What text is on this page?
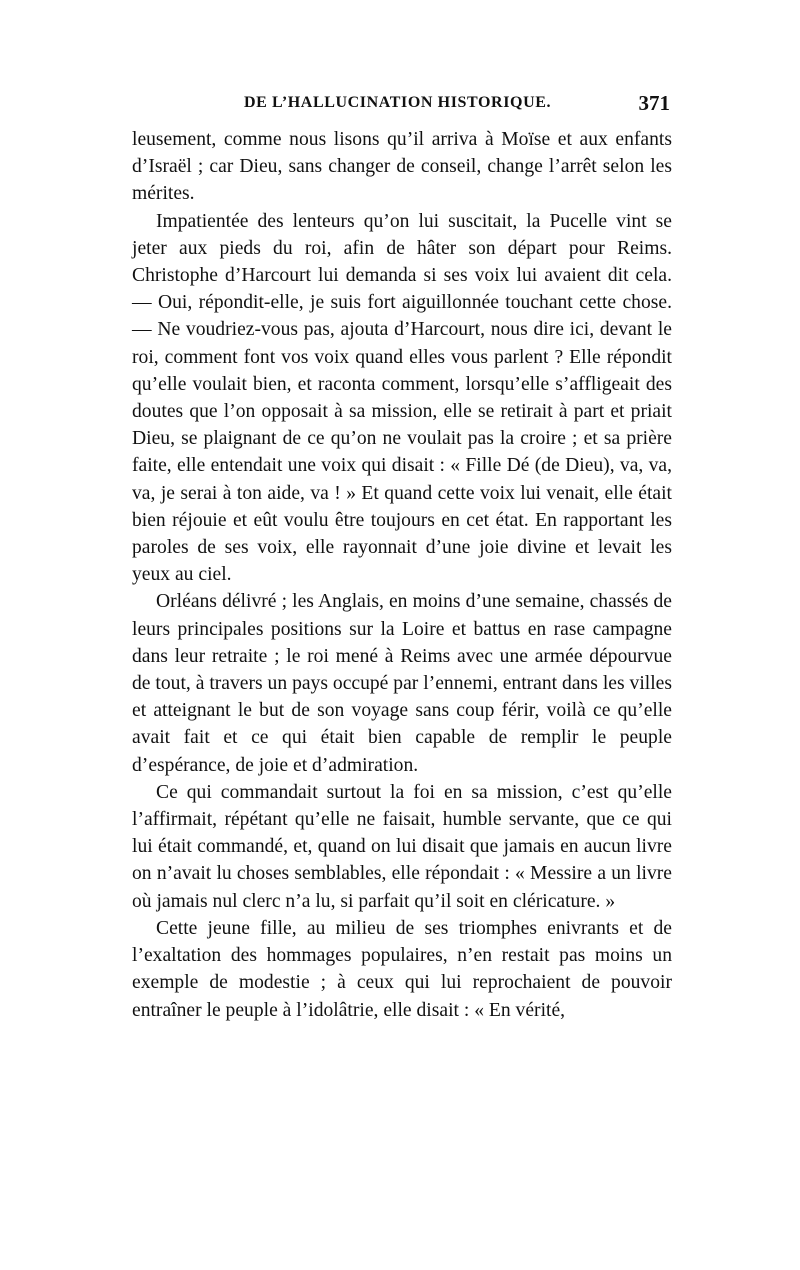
DE L’HALLUCINATION HISTORIQUE.	371

leusement, comme nous lisons qu’il arriva à Moïse et aux enfants d’Israël ; car Dieu, sans changer de conseil, change l’arrêt selon les mérites.

Impatientée des lenteurs qu’on lui suscitait, la Pucelle vint se jeter aux pieds du roi, afin de hâter son départ pour Reims. Christophe d’Harcourt lui demanda si ses voix lui avaient dit cela. — Oui, répondit-elle, je suis fort aiguillonnée touchant cette chose. — Ne voudriez-vous pas, ajouta d’Harcourt, nous dire ici, devant le roi, comment font vos voix quand elles vous parlent ? Elle répondit qu’elle voulait bien, et raconta comment, lorsqu’elle s’affligeait des doutes que l’on opposait à sa mission, elle se retirait à part et priait Dieu, se plaignant de ce qu’on ne voulait pas la croire ; et sa prière faite, elle entendait une voix qui disait : « Fille Dé (de Dieu), va, va, va, je serai à ton aide, va ! » Et quand cette voix lui venait, elle était bien réjouie et eût voulu être toujours en cet état. En rapportant les paroles de ses voix, elle rayonnait d’une joie divine et levait les yeux au ciel.

Orléans délivré ; les Anglais, en moins d’une semaine, chassés de leurs principales positions sur la Loire et battus en rase campagne dans leur retraite ; le roi mené à Reims avec une armée dépourvue de tout, à travers un pays occupé par l’ennemi, entrant dans les villes et atteignant le but de son voyage sans coup férir, voilà ce qu’elle avait fait et ce qui était bien capable de remplir le peuple d’espérance, de joie et d’admiration.

Ce qui commandait surtout la foi en sa mission, c’est qu’elle l’affirmait, répétant qu’elle ne faisait, humble servante, que ce qui lui était commandé, et, quand on lui disait que jamais en aucun livre on n’avait lu choses semblables, elle répondait : « Messire a un livre où jamais nul clerc n’a lu, si parfait qu’il soit en cléricature. »

Cette jeune fille, au milieu de ses triomphes enivrants et de l’exaltation des hommages populaires, n’en restait pas moins un exemple de modestie ; à ceux qui lui reprochaient de pouvoir entraîner le peuple à l’idolâtrie, elle disait : « En vérité,
